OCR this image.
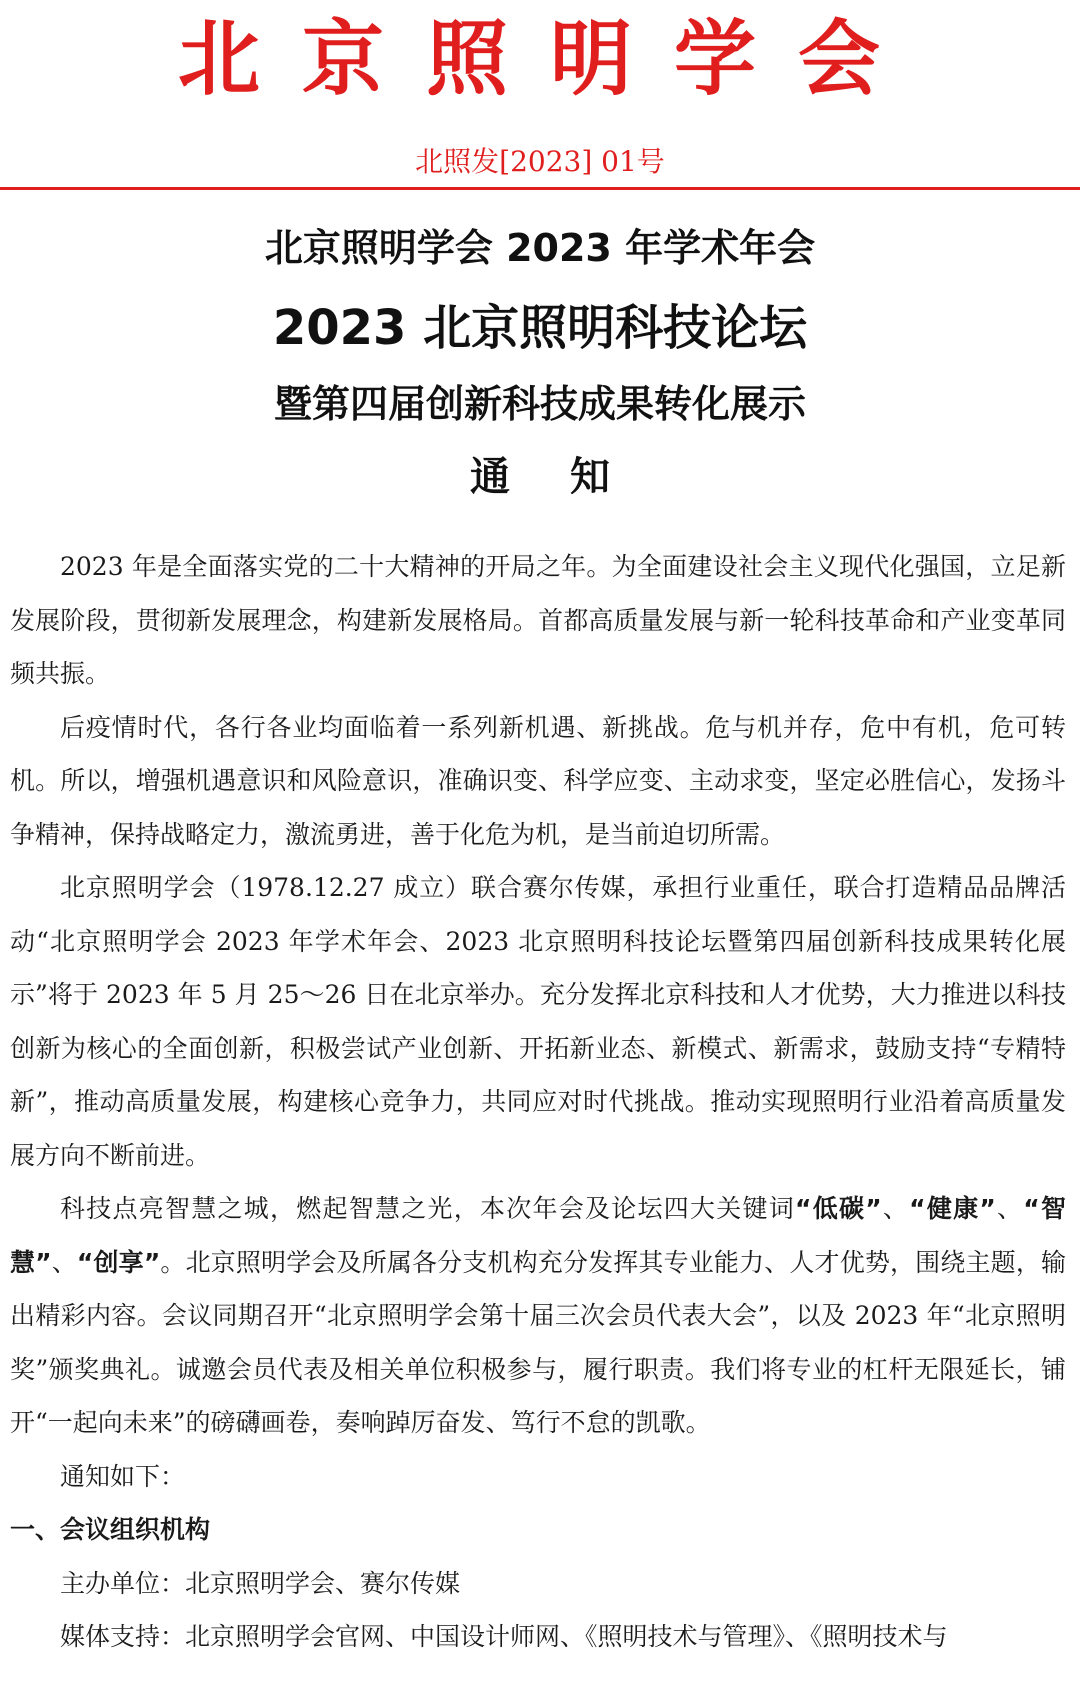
北京照明学会
北照发[2023] 01号
北京照明学会 2023 年学术年会
2023 北京照明科技论坛
暨第四届创新科技成果转化展示
通知

2023 年是全面落实党的二十大精神的开局之年。为全面建设社会主义现代化强国，立足新发展阶段，贯彻新发展理念，构建新发展格局。首都高质量发展与新一轮科技革命和产业变革同频共振。

后疫情时代，各行各业均面临着一系列新机遇、新挑战。危与机并存，危中有机，危可转机。所以，增强机遇意识和风险意识，准确识变、科学应变、主动求变，坚定必胜信心，发扬斗争精神，保持战略定力，激流勇进，善于化危为机，是当前迫切所需。

北京照明学会（1978.12.27 成立）联合赛尔传媒，承担行业重任，联合打造精品品牌活动“北京照明学会 2023 年学术年会、2023 北京照明科技论坛暨第四届创新科技成果转化展示”将于 2023 年 5 月 25～26 日在北京举办。充分发挥北京科技和人才优势，大力推进以科技创新为核心的全面创新，积极尝试产业创新、开拓新业态、新模式、新需求，鼓励支持“专精特新”，推动高质量发展，构建核心竞争力，共同应对时代挑战。推动实现照明行业沿着高质量发展方向不断前进。

科技点亮智慧之城，燃起智慧之光，本次年会及论坛四大关键词“低碳”、“健康”、“智慧”、“创享”。北京照明学会及所属各分支机构充分发挥其专业能力、人才优势，围绕主题，输出精彩内容。会议同期召开“北京照明学会第十届三次会员代表大会”，以及 2023 年“北京照明奖”颁奖典礼。诚邀会员代表及相关单位积极参与，履行职责。我们将专业的杠杆无限延长，铺开“一起向未来”的磅礴画卷，奏响踔厉奋发、笃行不怠的凯歌。

通知如下：

一、会议组织机构

主办单位：北京照明学会、赛尔传媒

媒体支持：北京照明学会官网、中国设计师网、《照明技术与管理》、《照明技术与
